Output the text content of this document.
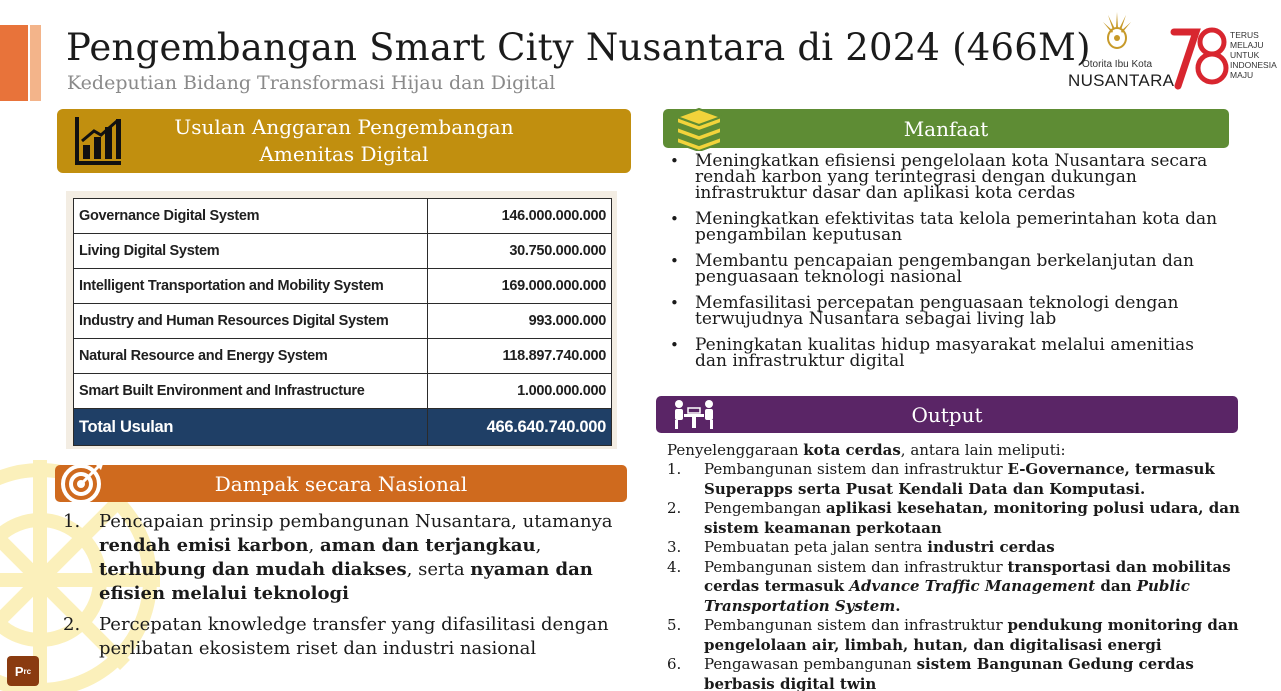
Pengembangan Smart City Nusantara di 2024 (466M)
Kedeputian Bidang Transformasi Hijau dan Digital
Otorita Ibu Kota
NUSANTARA
TERUS
MELAJU
UNTUK
INDONESIA
MAJU
Usulan Anggaran Pengembangan Amenitas Digital
Governance Digital System	146.000.000.000
Living Digital System	30.750.000.000
Intelligent Transportation and Mobility System	169.000.000.000
Industry and Human Resources Digital System	993.000.000
Natural Resource and Energy System	118.897.740.000
Smart Built Environment and Infrastructure	1.000.000.000
Total Usulan	466.640.740.000
Manfaat
• Meningkatkan efisiensi pengelolaan kota Nusantara secara rendah karbon yang terintegrasi dengan dukungan infrastruktur dasar dan aplikasi kota cerdas
• Meningkatkan efektivitas tata kelola pemerintahan kota dan pengambilan keputusan
• Membantu pencapaian pengembangan berkelanjutan dan penguasaan teknologi nasional
• Memfasilitasi percepatan penguasaan teknologi dengan terwujudnya Nusantara sebagai living lab
• Peningkatan kualitas hidup masyarakat melalui amenitias dan infrastruktur digital
Output
Penyelenggaraan kota cerdas, antara lain meliputi:
1. Pembangunan sistem dan infrastruktur E-Governance, termasuk Superapps serta Pusat Kendali Data dan Komputasi.
2. Pengembangan aplikasi kesehatan, monitoring polusi udara, dan sistem keamanan perkotaan
3. Pembuatan peta jalan sentra industri cerdas
4. Pembangunan sistem dan infrastruktur transportasi dan mobilitas cerdas termasuk Advance Traffic Management dan Public Transportation System.
5. Pembangunan sistem dan infrastruktur pendukung monitoring dan pengelolaan air, limbah, hutan, dan digitalisasi energi
6. Pengawasan pembangunan sistem Bangunan Gedung cerdas berbasis digital twin
Dampak secara Nasional
1. Pencapaian prinsip pembangunan Nusantara, utamanya rendah emisi karbon, aman dan terjangkau, terhubung dan mudah diakses, serta nyaman dan efisien melalui teknologi
2. Percepatan knowledge transfer yang difasilitasi dengan perlibatan ekosistem riset dan industri nasional
P rc
